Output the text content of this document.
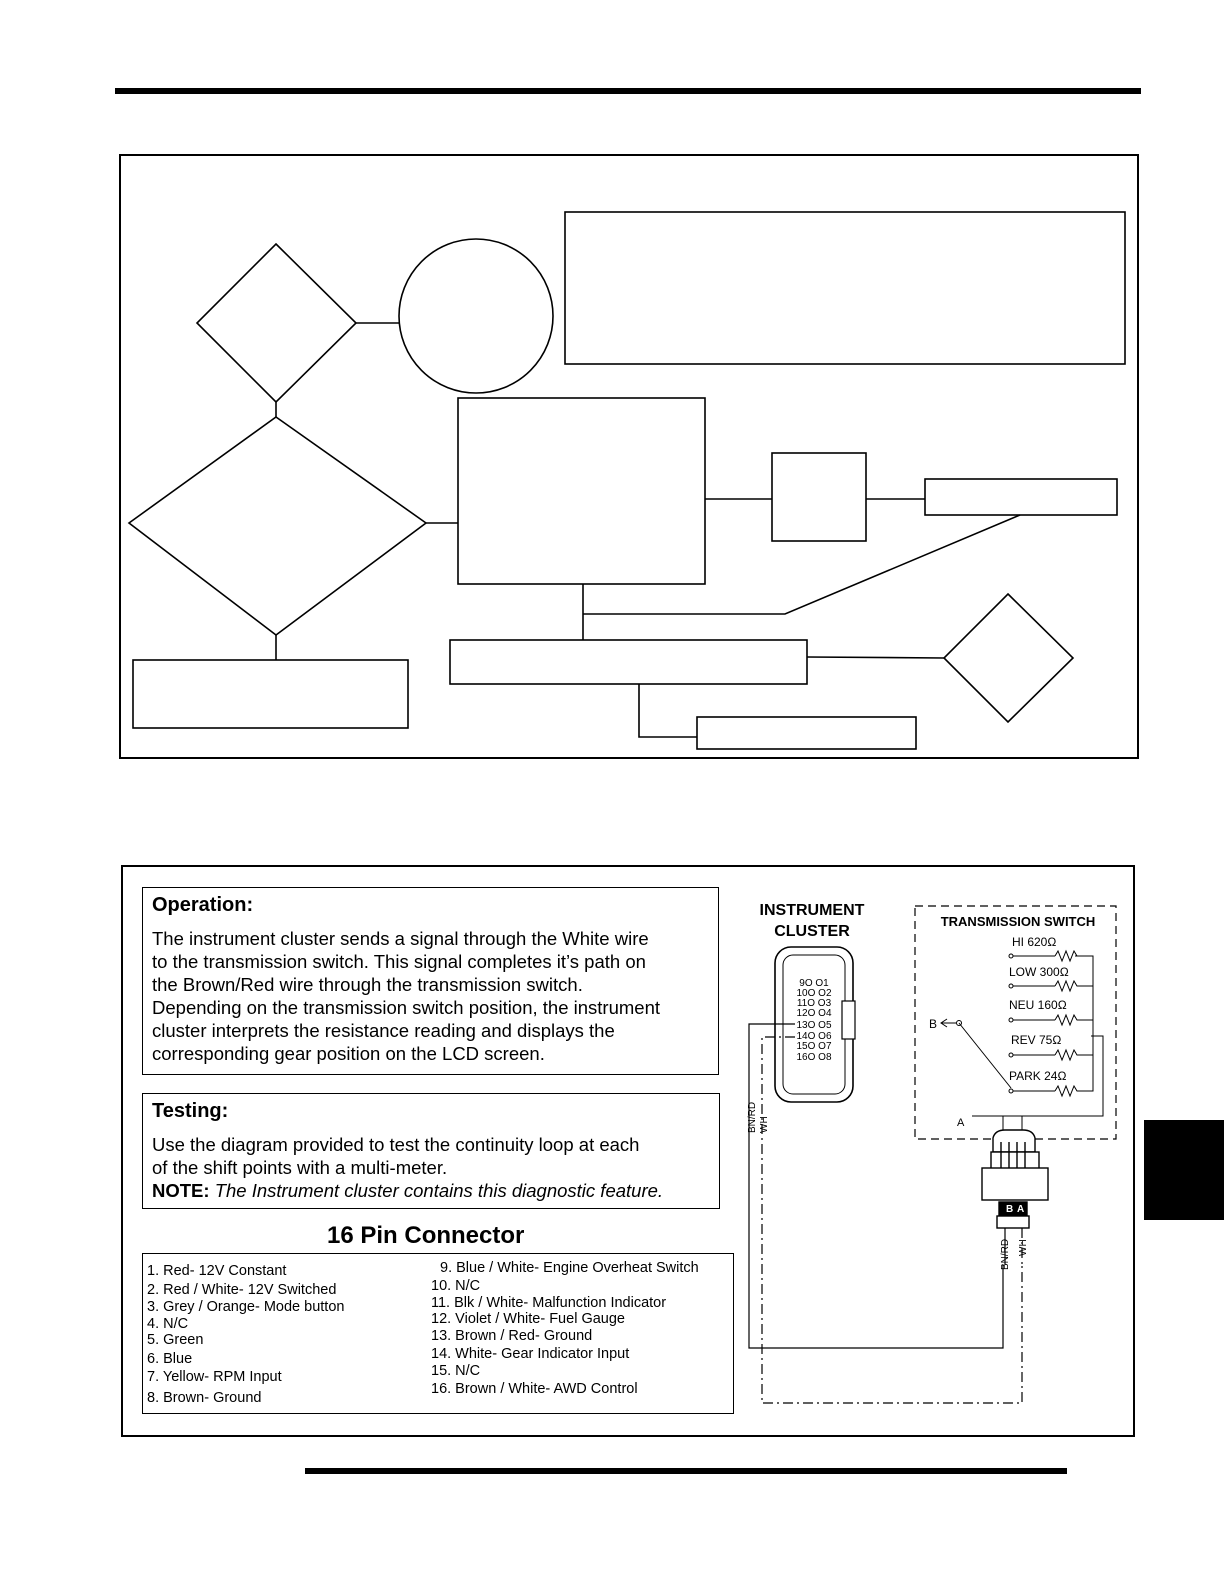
Operation:
The instrument cluster sends a signal through the White wire
to the transmission switch. This signal completes it’s path on
the Brown/Red wire through the transmission switch.
Depending on the transmission switch position, the instrument
cluster interprets the resistance reading and displays the
corresponding gear position on the LCD screen.
Testing:
Use the diagram provided to test the continuity loop at each
of the shift points with a multi-meter.
NOTE: The Instrument cluster contains this diagnostic feature.
16 Pin Connector
1. Red- 12V Constant
2. Red / White- 12V Switched
3. Grey / Orange- Mode button
4. N/C
5. Green
6. Blue
7. Yellow- RPM Input
8. Brown- Ground
9. Blue / White- Engine Overheat Switch
10. N/C
11. Blk / White- Malfunction Indicator
12. Violet / White- Fuel Gauge
13. Brown / Red- Ground
14. White- Gear Indicator Input
15. N/C
16. Brown / White- AWD Control
INSTRUMENT
CLUSTER
9O O1
10O O2
11O O3
12O O4
13O O5
14O O6
15O O7
16O O8
BN/RD WH
TRANSMISSION SWITCH
HI 620Ω
LOW 300Ω
NEU 160Ω
REV 75Ω
PARK 24Ω
B
A
B A
BN/RD WH
